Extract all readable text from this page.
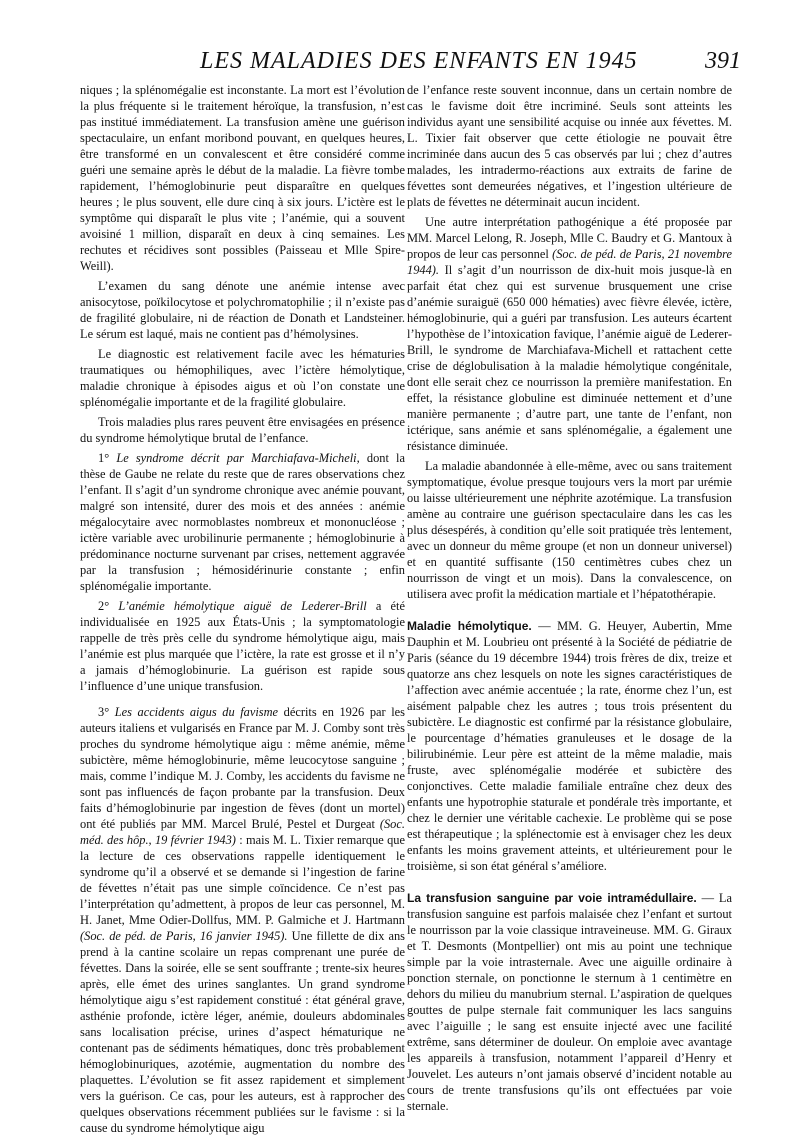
LES MALADIES DES ENFANTS EN 1945	391

niques ; la splénomégalie est inconstante. La mort est l’évolution la plus fréquente si le traitement héroïque, la transfusion, n’est pas institué immédiatement. La transfusion amène une guérison spectaculaire, un enfant moribond pouvant, en quelques heures, être transformé en un convalescent et être considéré comme guéri une semaine après le début de la maladie. La fièvre tombe rapidement, l’hémoglobinurie peut disparaître en quelques heures ; le plus souvent, elle dure cinq à six jours. L’ictère est le symptôme qui disparaît le plus vite ; l’anémie, qui a souvent avoisiné 1 million, disparaît en deux à cinq semaines. Les rechutes et récidives sont possibles (Paisseau et Mlle Spire-Weill).

L’examen du sang dénote une anémie intense avec anisocytose, poïkilocytose et polychromatophilie ; il n’existe pas de fragilité globulaire, ni de réaction de Donath et Landsteiner. Le sérum est laqué, mais ne contient pas d’hémolysines.

Le diagnostic est relativement facile avec les hématuries traumatiques ou hémophiliques, avec l’ictère hémolytique, maladie chronique à épisodes aigus et où l’on constate une splénomégalie importante et de la fragilité globulaire.

Trois maladies plus rares peuvent être envisagées en présence du syndrome hémolytique brutal de l’enfance.

1° Le syndrome décrit par Marchiafava-Micheli, dont la thèse de Gaube ne relate du reste que de rares observations chez l’enfant. Il s’agit d’un syndrome chronique avec anémie pouvant, malgré son intensité, durer des mois et des années : anémie mégalocytaire avec normoblastes nombreux et mononucléose ; ictère variable avec urobilinurie permanente ; hémoglobinurie à prédominance nocturne survenant par crises, nettement aggravée par la transfusion ; hémosidérinurie constante ; enfin splénomégalie importante.

2° L’anémie hémolytique aiguë de Lederer-Brill a été individualisée en 1925 aux États-Unis ; la symptomatologie rappelle de très près celle du syndrome hémolytique aigu, mais l’anémie est plus marquée que l’ictère, la rate est grosse et il n’y a jamais d’hémoglobinurie. La guérison est rapide sous l’influence d’une unique transfusion.

3° Les accidents aigus du favisme décrits en 1926 par les auteurs italiens et vulgarisés en France par M. J. Comby sont très proches du syndrome hémolytique aigu : même anémie, même subictère, même hémoglobinurie, même leucocytose sanguine ; mais, comme l’indique M. J. Comby, les accidents du favisme ne sont pas influencés de façon probante par la transfusion. Deux faits d’hémoglobinurie par ingestion de fèves (dont un mortel) ont été publiés par MM. Marcel Brulé, Pestel et Durgeat (Soc. méd. des hôp., 19 février 1943) : mais M. L. Tixier remarque que la lecture de ces observations rappelle identiquement le syndrome qu’il a observé et se demande si l’ingestion de farine de févettes n’était pas une simple coïncidence. Ce n’est pas l’interprétation qu’admettent, à propos de leur cas personnel, M. H. Janet, Mme Odier-Dollfus, MM. P. Galmiche et J. Hartmann (Soc. de péd. de Paris, 16 janvier 1945). Une fillette de dix ans prend à la cantine scolaire un repas comprenant une purée de févettes. Dans la soirée, elle se sent souffrante ; trente-six heures après, elle émet des urines sanglantes. Un grand syndrome hémolytique aigu s’est rapidement constitué : état général grave, asthénie profonde, ictère léger, anémie, douleurs abdominales sans localisation précise, urines d’aspect hématurique ne contenant pas de sédiments hématiques, donc très probablement hémoglobinuriques, azotémie, augmentation du nombre des plaquettes. L’évolution se fit assez rapidement et simplement vers la guérison. Ce cas, pour les auteurs, est à rapprocher des quelques observations récemment publiées sur le favisme : si la cause du syndrome hémolytique aigu

de l’enfance reste souvent inconnue, dans un certain nombre de cas le favisme doit être incriminé. Seuls sont atteints les individus ayant une sensibilité acquise ou innée aux févettes. M. L. Tixier fait observer que cette étiologie ne pouvait être incriminée dans aucun des 5 cas observés par lui ; chez d’autres malades, les intradermo-réactions aux extraits de farine de févettes sont demeurées négatives, et l’ingestion ultérieure de plats de févettes ne déterminait aucun incident.

Une autre interprétation pathogénique a été proposée par MM. Marcel Lelong, R. Joseph, Mlle C. Baudry et G. Mantoux à propos de leur cas personnel (Soc. de péd. de Paris, 21 novembre 1944). Il s’agit d’un nourrisson de dix-huit mois jusque-là en parfait état chez qui est survenue brusquement une crise d’anémie suraiguë (650 000 hématies) avec fièvre élevée, ictère, hémoglobinurie, qui a guéri par transfusion. Les auteurs écartent l’hypothèse de l’intoxication favique, l’anémie aiguë de Lederer-Brill, le syndrome de Marchiafava-Michell et rattachent cette crise de déglobulisation à la maladie hémolytique congénitale, dont elle serait chez ce nourrisson la première manifestation. En effet, la résistance globuline est diminuée nettement et d’une manière permanente ; d’autre part, une tante de l’enfant, non ictérique, sans anémie et sans splénomégalie, a également une résistance diminuée.

La maladie abandonnée à elle-même, avec ou sans traitement symptomatique, évolue presque toujours vers la mort par urémie ou laisse ultérieurement une néphrite azotémique. La transfusion amène au contraire une guérison spectaculaire dans les cas les plus désespérés, à condition qu’elle soit pratiquée très lentement, avec un donneur du même groupe (et non un donneur universel) et en quantité suffisante (150 centimètres cubes chez un nourrisson de vingt et un mois). Dans la convalescence, on utilisera avec profit la médication martiale et l’hépatothérapie.

Maladie hémolytique. — MM. G. Heuyer, Aubertin, Mme Dauphin et M. Loubrieu ont présenté à la Société de pédiatrie de Paris (séance du 19 décembre 1944) trois frères de dix, treize et quatorze ans chez lesquels on note les signes caractéristiques de l’affection avec anémie accentuée ; la rate, énorme chez l’un, est aisément palpable chez les autres ; tous trois présentent du subictère. Le diagnostic est confirmé par la résistance globulaire, le pourcentage d’hématies granuleuses et le dosage de la bilirubinémie. Leur père est atteint de la même maladie, mais fruste, avec splénomégalie modérée et subictère des conjonctives. Cette maladie familiale entraîne chez deux des enfants une hypotrophie staturale et pondérale très importante, et chez le dernier une véritable cachexie. Le problème qui se pose est thérapeutique ; la splénectomie est à envisager chez les deux enfants les moins gravement atteints, et ultérieurement pour le troisième, si son état général s’améliore.

La transfusion sanguine par voie intramédullaire. — La transfusion sanguine est parfois malaisée chez l’enfant et surtout le nourrisson par la voie classique intraveineuse. MM. G. Giraux et T. Desmonts (Montpellier) ont mis au point une technique simple par la voie intrasternale. Avec une aiguille ordinaire à ponction sternale, on ponctionne le sternum à 1 centimètre en dehors du milieu du manubrium sternal. L’aspiration de quelques gouttes de pulpe sternale fait communiquer les lacs sanguins avec l’aiguille ; le sang est ensuite injecté avec une facilité extrême, sans déterminer de douleur. On emploie avec avantage les appareils à transfusion, notamment l’appareil d’Henry et Jouvelet. Les auteurs n’ont jamais observé d’incident notable au cours de trente transfusions qu’ils ont effectuées par voie sternale.
